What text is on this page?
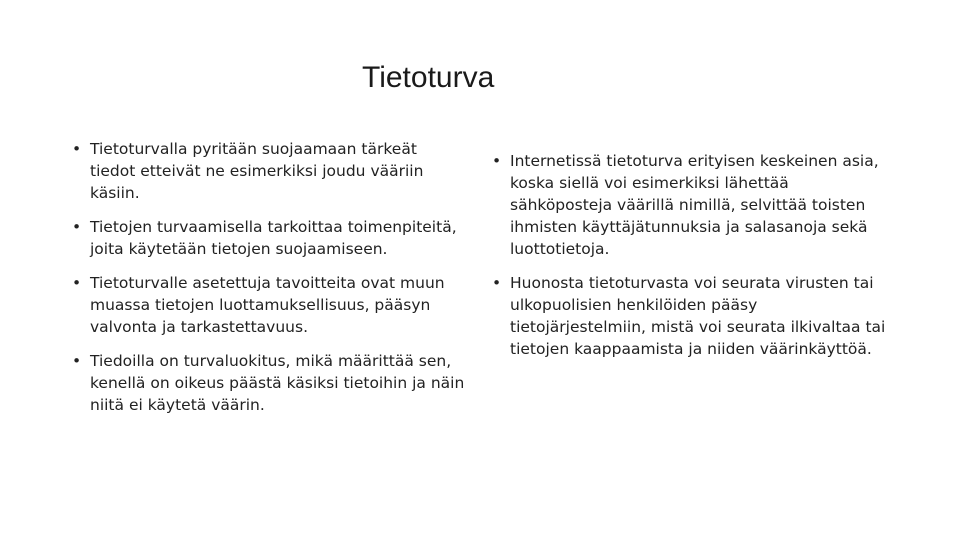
Tietoturva
• Tietoturvalla pyritään suojaamaan tärkeät tiedot etteivät ne esimerkiksi joudu vääriin käsiin.
• Tietojen turvaamisella tarkoittaa toimenpiteitä, joita käytetään tietojen suojaamiseen.
• Tietoturvalle asetettuja tavoitteita ovat muun muassa tietojen luottamuksellisuus, pääsyn valvonta ja tarkastettavuus.
• Tiedoilla on turvaluokitus, mikä määrittää sen, kenellä on oikeus päästä käsiksi tietoihin ja näin niitä ei käytetä väärin.
• Internetissä tietoturva erityisen keskeinen asia, koska siellä voi esimerkiksi lähettää sähköposteja väärillä nimillä, selvittää toisten ihmisten käyttäjätunnuksia ja salasanoja sekä luottotietoja.
• Huonosta tietoturvasta voi seurata virusten tai ulkopuolisien henkilöiden pääsy tietojärjestelmiin, mistä voi seurata ilkivaltaa tai tietojen kaappaamista ja niiden väärinkäyttöä.
